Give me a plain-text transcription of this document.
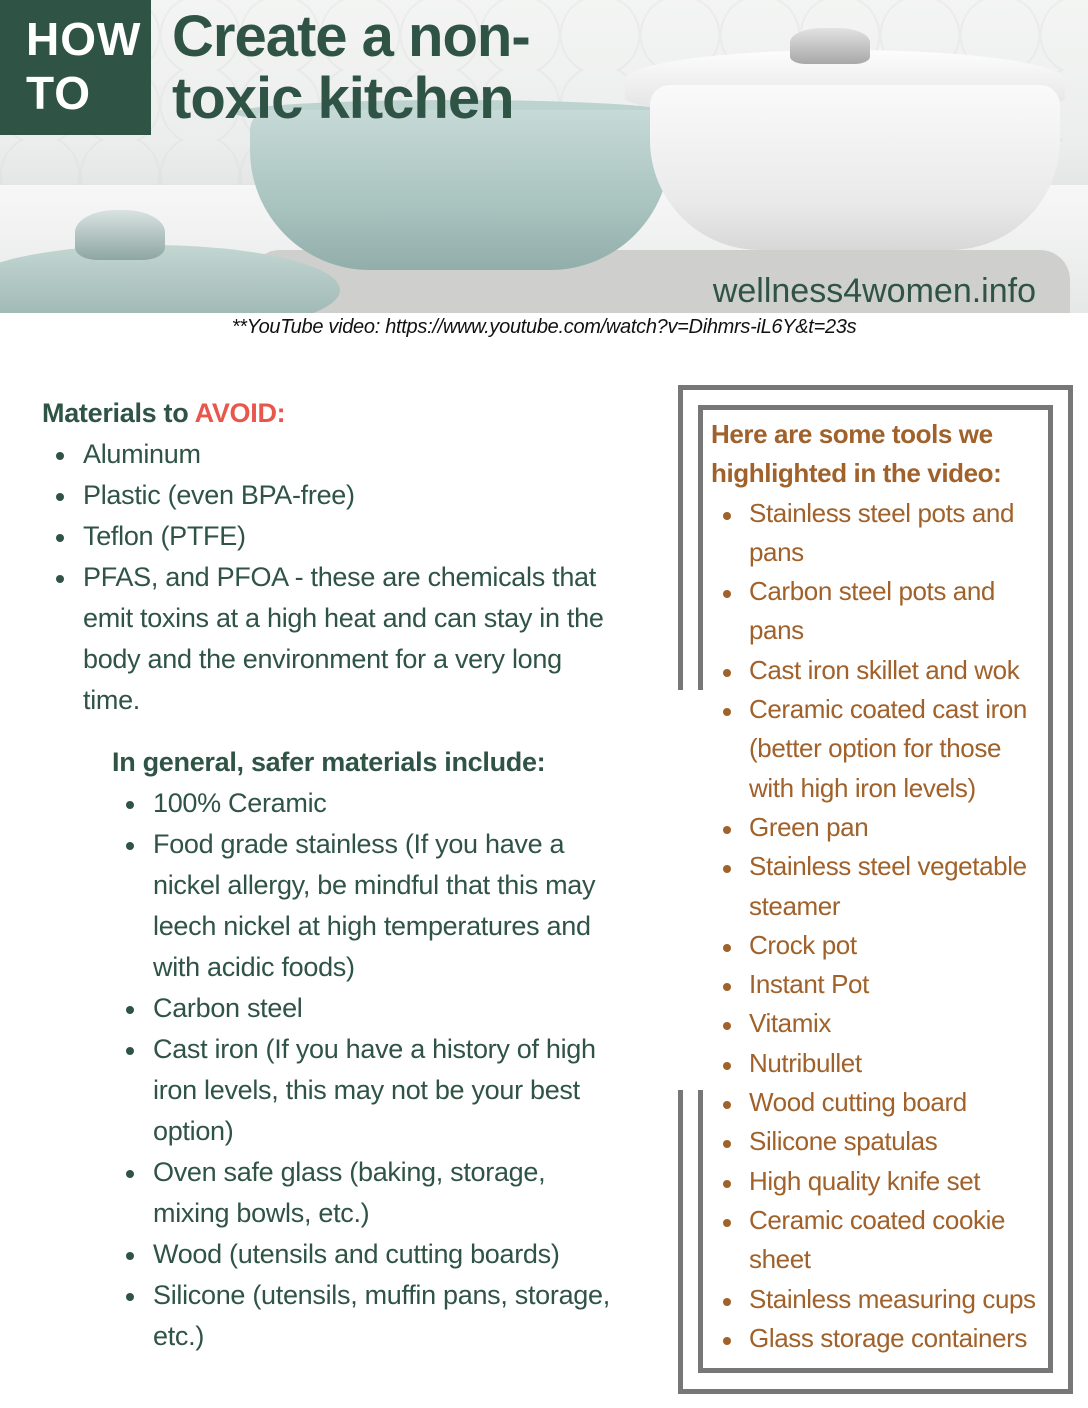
HOW
TO
Create a non-
toxic kitchen
wellness4women.info
**YouTube video: https://www.youtube.com/watch?v=Dihmrs-iL6Y&t=23s
Materials to AVOID:
Aluminum
Plastic (even BPA-free)
Teflon (PTFE)
PFAS, and PFOA - these are chemicals that emit toxins at a high heat and can stay in the body and the environment for a very long time.
In general, safer materials include:
100% Ceramic
Food grade stainless (If you have a nickel allergy, be mindful that this may leech nickel at high temperatures and with acidic foods)
Carbon steel
Cast iron (If you have a history of high iron levels, this may not be your best option)
Oven safe glass (baking, storage, mixing bowls, etc.)
Wood (utensils and cutting boards)
Silicone (utensils, muffin pans, storage, etc.)
Here are some tools we highlighted in the video:
Stainless steel pots and pans
Carbon steel pots and pans
Cast iron skillet and wok
Ceramic coated cast iron (better option for those with high iron levels)
Green pan
Stainless steel vegetable steamer
Crock pot
Instant Pot
Vitamix
Nutribullet
Wood cutting board
Silicone spatulas
High quality knife set
Ceramic coated cookie sheet
Stainless measuring cups
Glass storage containers
